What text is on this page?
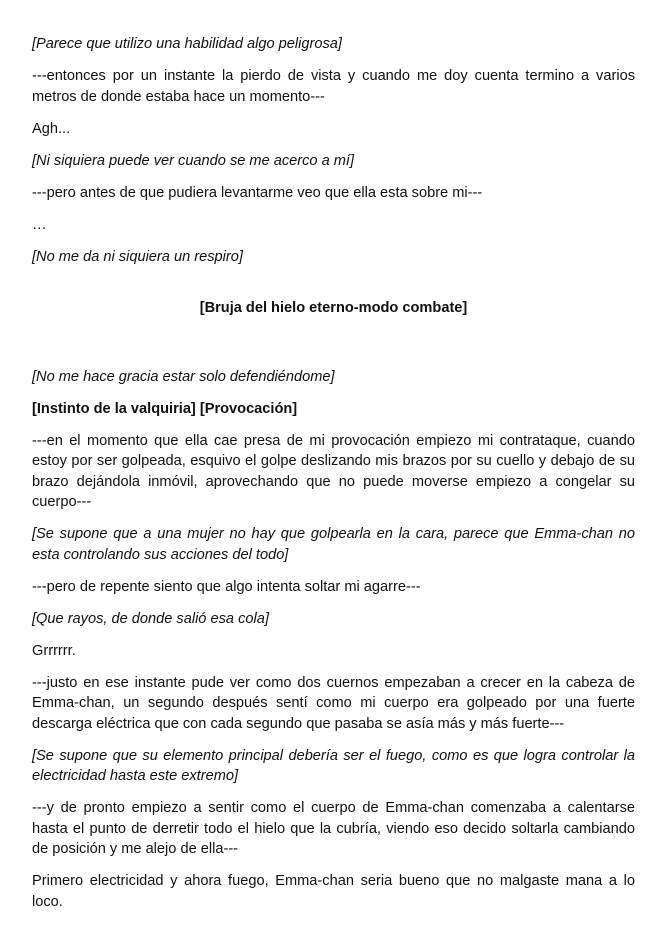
[Parece que utilizo una habilidad algo peligrosa]

---entonces por un instante la pierdo de vista y cuando me doy cuenta termino a varios metros de donde estaba hace un momento---

Agh...

[Ni siquiera puede ver cuando se me acerco a mí]

---pero antes de que pudiera levantarme veo que ella esta sobre mi---

…

[No me da ni siquiera un respiro]

[Bruja del hielo eterno-modo combate]

[No me hace gracia estar solo defendiéndome]

[Instinto de la valquiria] [Provocación]

---en el momento que ella cae presa de mi provocación empiezo mi contrataque, cuando estoy por ser golpeada, esquivo el golpe deslizando mis brazos por su cuello y debajo de su brazo dejándola inmóvil, aprovechando que no puede moverse empiezo a congelar su cuerpo---

[Se supone que a una mujer no hay que golpearla en la cara, parece que Emma-chan no esta controlando sus acciones del todo]

---pero de repente siento que algo intenta soltar mi agarre---

[Que rayos, de donde salió esa cola]

Grrrrrr.

---justo en ese instante pude ver como dos cuernos empezaban a crecer en la cabeza de Emma-chan, un segundo después sentí como mi cuerpo era golpeado por una fuerte descarga eléctrica que con cada segundo que pasaba se asía más y más fuerte---

[Se supone que su elemento principal debería ser el fuego, como es que logra controlar la electricidad hasta este extremo]

---y de pronto empiezo a sentir como el cuerpo de Emma-chan comenzaba a calentarse hasta el punto de derretir todo el hielo que la cubría, viendo eso decido soltarla cambiando de posición y me alejo de ella---

Primero electricidad y ahora fuego, Emma-chan seria bueno que no malgaste mana a lo loco.
